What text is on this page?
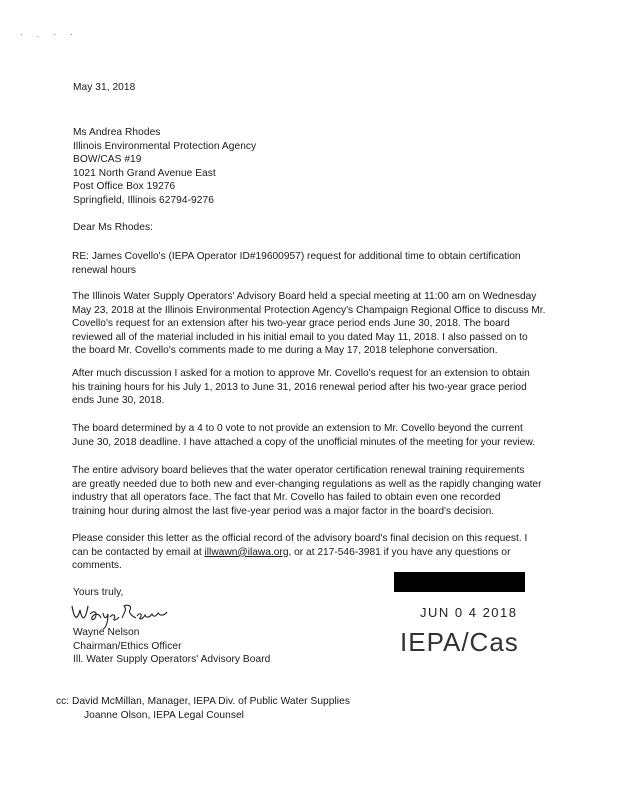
· . · ·
May 31, 2018
Ms Andrea Rhodes
Illinois Environmental Protection Agency
BOW/CAS #19
1021 North Grand Avenue East
Post Office Box 19276
Springfield, Illinois 62794-9276
Dear Ms Rhodes:
RE: James Covello's (IEPA Operator ID#19600957) request for additional time to obtain certification
renewal hours
The Illinois Water Supply Operators' Advisory Board held a special meeting at 11:00 am on Wednesday
May 23, 2018 at the Illinois Environmental Protection Agency's Champaign Regional Office to discuss Mr.
Covello's request for an extension after his two-year grace period ends June 30, 2018. The board
reviewed all of the material included in his initial email to you dated May 11, 2018. I also passed on to
the board Mr. Covello's comments made to me during a May 17, 2018 telephone conversation.
After much discussion I asked for a motion to approve Mr. Covello's request for an extension to obtain
his training hours for his July 1, 2013 to June 31, 2016 renewal period after his two-year grace period
ends June 30, 2018.
The board determined by a 4 to 0 vote to not provide an extension to Mr. Covello beyond the current
June 30, 2018 deadline. I have attached a copy of the unofficial minutes of the meeting for your review.
The entire advisory board believes that the water operator certification renewal training requirements
are greatly needed due to both new and ever-changing regulations as well as the rapidly changing water
industry that all operators face. The fact that Mr. Covello has failed to obtain even one recorded
training hour during almost the last five-year period was a major factor in the board's decision.
Please consider this letter as the official record of the advisory board's final decision on this request. I
can be contacted by email at illwawn@ilawa.org, or at 217-546-3981 if you have any questions or
comments.
Yours truly,
Wayne Nelson
Chairman/Ethics Officer
Ill. Water Supply Operators' Advisory Board
JUN 0 4 2018
IEPA/Cas
cc: David McMillan, Manager, IEPA Div. of Public Water Supplies
Joanne Olson, IEPA Legal Counsel
